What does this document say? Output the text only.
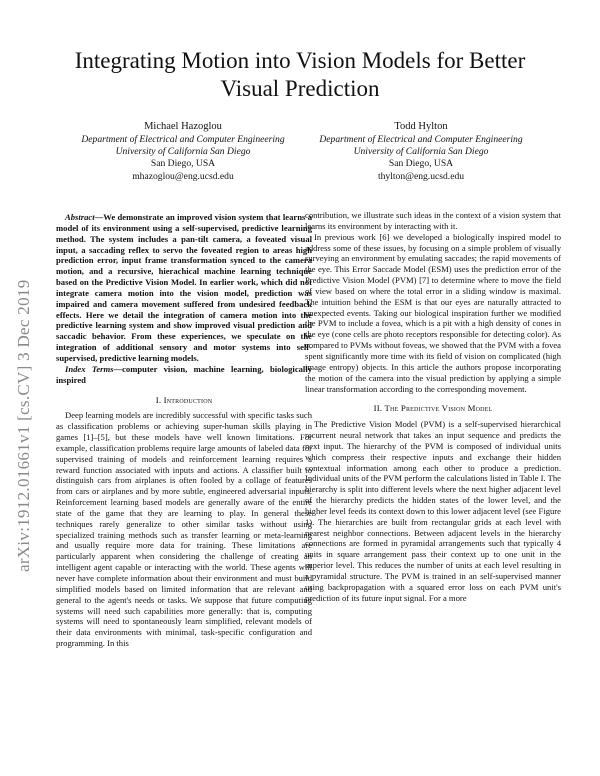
arXiv:1912.01661v1 [cs.CV] 3 Dec 2019
Integrating Motion into Vision Models for Better
Visual Prediction
Michael Hazoglou
Department of Electrical and Computer Engineering
University of California San Diego
San Diego, USA
mhazoglou@eng.ucsd.edu
Todd Hylton
Department of Electrical and Computer Engineering
University of California San Diego
San Diego, USA
thylton@eng.ucsd.edu

Abstract—We demonstrate an improved vision system that learns a model of its environment using a self-supervised, predictive learning method. The system includes a pan-tilt camera, a foveated visual input, a saccading reflex to servo the foveated region to areas high prediction error, input frame transformation synced to the camera motion, and a recursive, hierachical machine learning technique based on the Predictive Vision Model. In earlier work, which did not integrate camera motion into the vision model, prediction was impaired and camera movement suffered from undesired feedback effects. Here we detail the integration of camera motion into the predictive learning system and show improved visual prediction and saccadic behavior. From these experiences, we speculate on the integration of additional sensory and motor systems into self-supervised, predictive learning models.

Index Terms—computer vision, machine learning, biologically inspired

I. Introduction

Deep learning models are incredibly successful with specific tasks such as classification problems or achieving super-human skills playing in games [1]–[5], but these models have well known limitations. For example, classification problems require large amounts of labeled data for supervised training of models and reinforcement learning requires a reward function associated with inputs and actions. A classifier built to distinguish cars from airplanes is often fooled by a collage of features from cars or airplanes and by more subtle, engineered adversarial inputs. Reinforcement learning based models are generally aware of the entire state of the game that they are learning to play. In general these techniques rarely generalize to other similar tasks without using specialized training methods such as transfer learning or meta-learning and usually require more data for training. These limitations are particularly apparent when considering the challenge of creating an intelligent agent capable or interacting with the world. These agents will never have complete information about their environment and must build simplified models based on limited information that are relevant and general to the agent's needs or tasks. We suppose that future computing systems will need such capabilities more generally: that is, computing systems will need to spontaneously learn simplified, relevant models of their data environments with minimal, task-specific configuration and programming. In this

contribution, we illustrate such ideas in the context of a vision system that learns its environment by interacting with it.

In previous work [6] we developed a biologically inspired model to address some of these issues, by focusing on a simple problem of visually surveying an environment by emulating saccades; the rapid movements of the eye. This Error Saccade Model (ESM) uses the prediction error of the Predictive Vision Model (PVM) [7] to determine where to move the field of view based on where the total error in a sliding window is maximal. The intuition behind the ESM is that our eyes are naturally attracted to unexpected events. Taking our biological inspiration further we modified the PVM to include a fovea, which is a pit with a high density of cones in the eye (cone cells are photo receptors responsible for detecting color). As compared to PVMs without foveas, we showed that the PVM with a fovea spent significantly more time with its field of vision on complicated (high image entropy) objects. In this article the authors propose incorporating the motion of the camera into the visual prediction by applying a simple linear transformation according to the corresponding movement.

II. The Predictive Vision Model

The Predictive Vision Model (PVM) is a self-supervised hierarchical recurrent neural network that takes an input sequence and predicts the next input. The hierarchy of the PVM is composed of individual units which compress their respective inputs and exchange their hidden contextual information among each other to produce a prediction. Individual units of the PVM perform the calculations listed in Table I. The hierarchy is split into different levels where the next higher adjacent level of the hierarchy predicts the hidden states of the lower level, and the higher level feeds its context down to this lower adjacent level (see Figure 1). The hierarchies are built from rectangular grids at each level with nearest neighbor connections. Between adjacent levels in the hierarchy connections are formed in pyramidal arrangements such that typically 4 units in square arrangement pass their context up to one unit in the superior level. This reduces the number of units at each level resulting in a pyramidal structure. The PVM is trained in an self-supervised manner using backpropagation with a squared error loss on each PVM unit's prediction of its future input signal. For a more
